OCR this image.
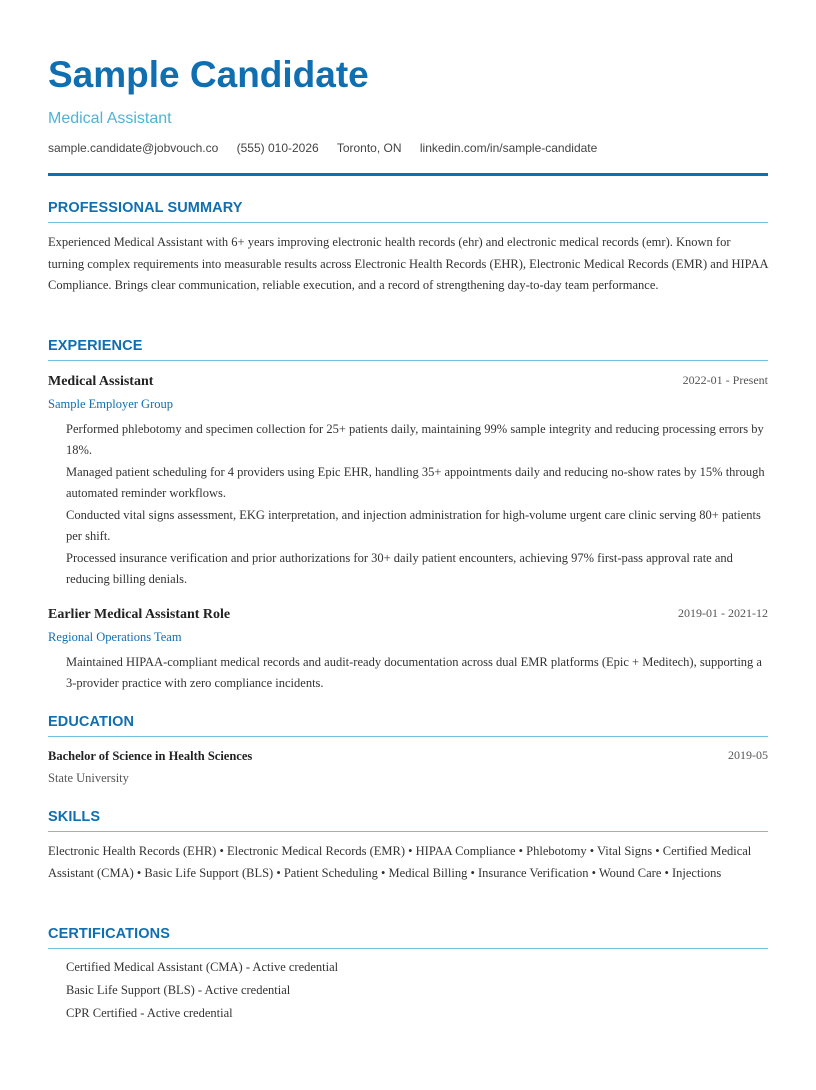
Sample Candidate
Medical Assistant
sample.candidate@jobvouch.co (555) 010-2026 Toronto, ON linkedin.com/in/sample-candidate
PROFESSIONAL SUMMARY

Experienced Medical Assistant with 6+ years improving electronic health records (ehr) and electronic medical records (emr). Known for turning complex requirements into measurable results across Electronic Health Records (EHR), Electronic Medical Records (EMR) and HIPAA Compliance. Brings clear communication, reliable execution, and a record of strengthening day-to-day team performance.

EXPERIENCE
Medical Assistant	2022-01 - Present
Sample Employer Group
Performed phlebotomy and specimen collection for 25+ patients daily, maintaining 99% sample integrity and reducing processing errors by 18%.
Managed patient scheduling for 4 providers using Epic EHR, handling 35+ appointments daily and reducing no-show rates by 15% through automated reminder workflows.
Conducted vital signs assessment, EKG interpretation, and injection administration for high-volume urgent care clinic serving 80+ patients per shift.
Processed insurance verification and prior authorizations for 30+ daily patient encounters, achieving 97% first-pass approval rate and reducing billing denials.
Earlier Medical Assistant Role	2019-01 - 2021-12
Regional Operations Team
Maintained HIPAA-compliant medical records and audit-ready documentation across dual EMR platforms (Epic + Meditech), supporting a 3-provider practice with zero compliance incidents.
EDUCATION
Bachelor of Science in Health Sciences	2019-05
State University
SKILLS

Electronic Health Records (EHR) • Electronic Medical Records (EMR) • HIPAA Compliance • Phlebotomy • Vital Signs • Certified Medical Assistant (CMA) • Basic Life Support (BLS) • Patient Scheduling • Medical Billing • Insurance Verification • Wound Care • Injections

CERTIFICATIONS
Certified Medical Assistant (CMA) - Active credential
Basic Life Support (BLS) - Active credential
CPR Certified - Active credential
